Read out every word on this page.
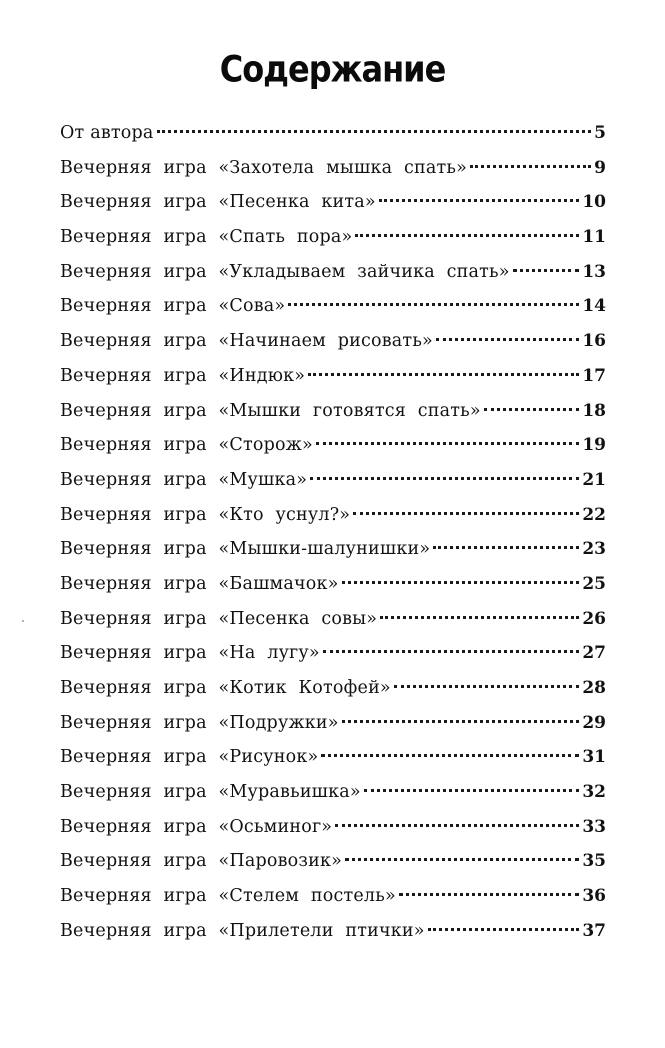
Содержание
От автора	5
Вечерняя игра «Захотела мышка спать»	9
Вечерняя игра «Песенка кита»	10
Вечерняя игра «Спать пора»	11
Вечерняя игра «Укладываем зайчика спать»	13
Вечерняя игра «Сова»	14
Вечерняя игра «Начинаем рисовать»	16
Вечерняя игра «Индюк»	17
Вечерняя игра «Мышки готовятся спать»	18
Вечерняя игра «Сторож»	19
Вечерняя игра «Мушка»	21
Вечерняя игра «Кто уснул?»	22
Вечерняя игра «Мышки-шалунишки»	23
Вечерняя игра «Башмачок»	25
Вечерняя игра «Песенка совы»	26
Вечерняя игра «На лугу»	27
Вечерняя игра «Котик Котофей»	28
Вечерняя игра «Подружки»	29
Вечерняя игра «Рисунок»	31
Вечерняя игра «Муравьишка»	32
Вечерняя игра «Осьминог»	33
Вечерняя игра «Паровозик»	35
Вечерняя игра «Стелем постель»	36
Вечерняя игра «Прилетели птички»	37
